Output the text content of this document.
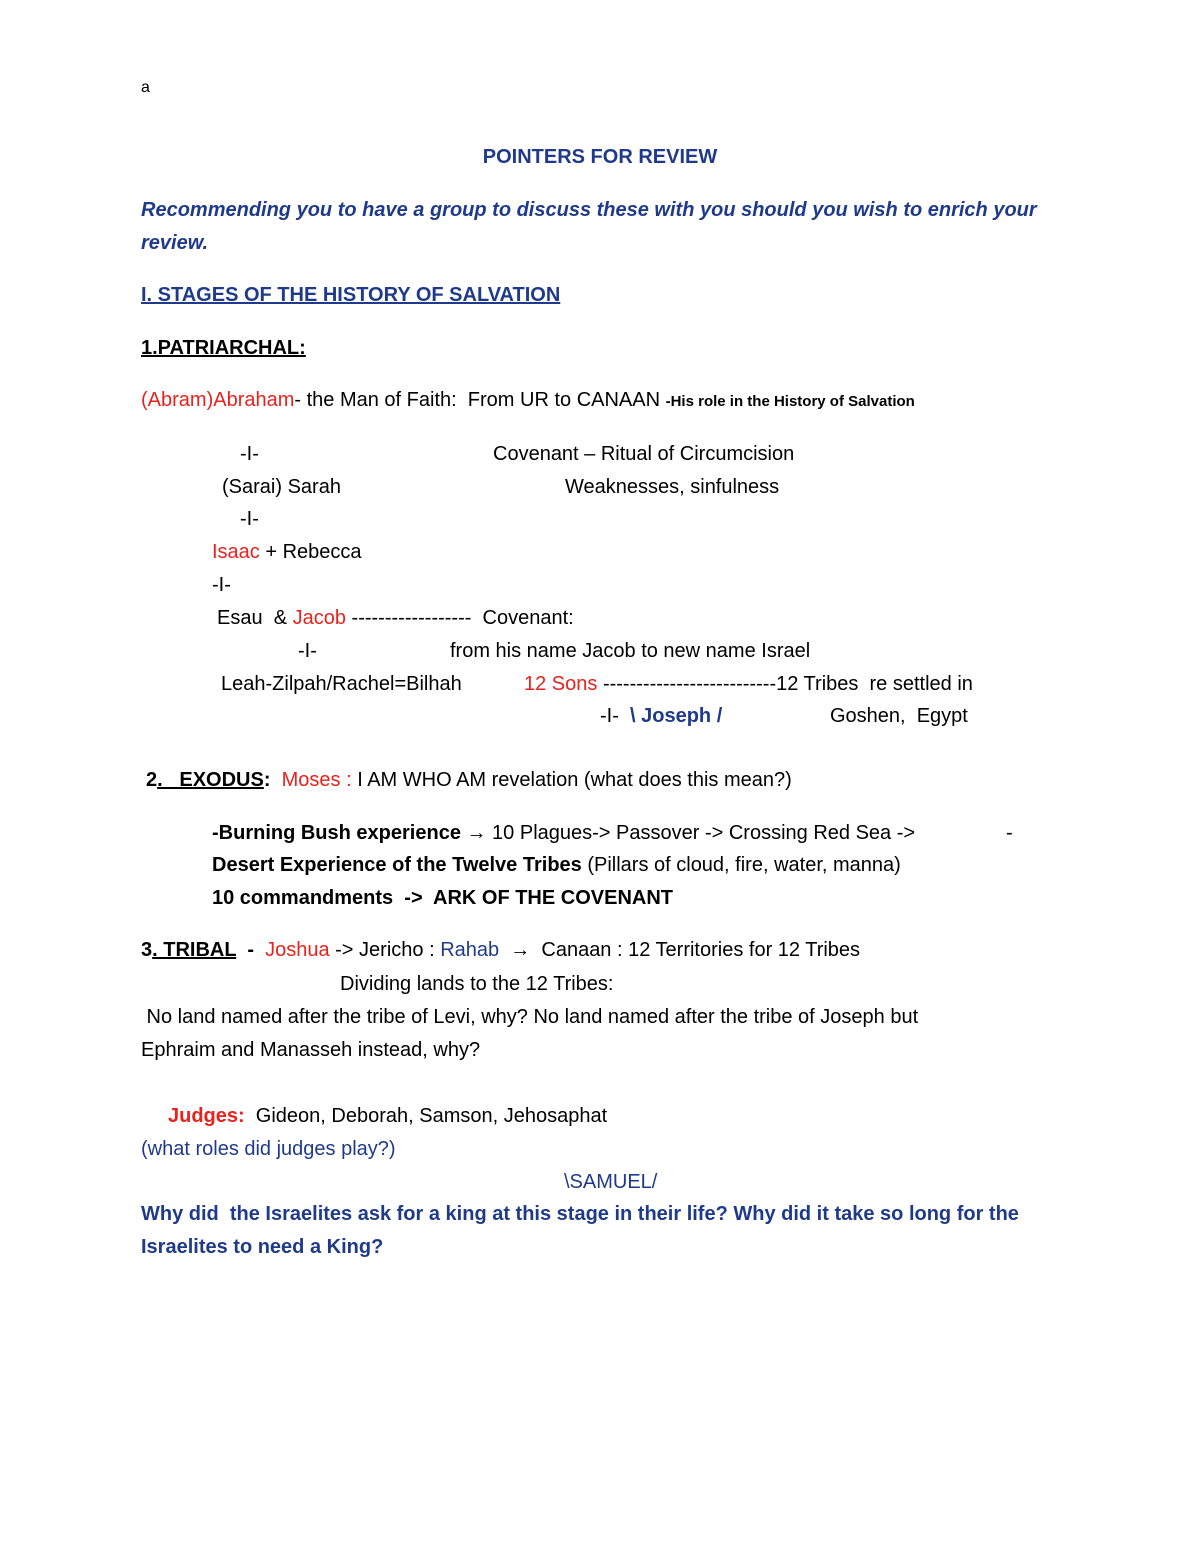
a
POINTERS FOR REVIEW
Recommending you to have a group to discuss these with you should you wish to enrich your
review.
I. STAGES OF THE HISTORY OF SALVATION
1.PATRIARCHAL:
(Abram)Abraham- the Man of Faith:  From UR to CANAAN -His role in the History of Salvation
-I-	Covenant – Ritual of Circumcision
(Sarai) Sarah	Weaknesses, sinfulness
-I-
Isaac + Rebecca
-I-
Esau  & Jacob ------------------  Covenant:
-I-	from his name Jacob to new name Israel
Leah-Zilpah/Rachel=Bilhah	12 Sons --------------------------12 Tribes  re settled in
-I-  \ Joseph /	Goshen,  Egypt
2.   EXODUS:  Moses : I AM WHO AM revelation (what does this mean?)
-Burning Bush experience → 10 Plagues-> Passover -> Crossing Red Sea ->	-
Desert Experience of the Twelve Tribes (Pillars of cloud, fire, water, manna)
10 commandments  ->  ARK OF THE COVENANT
3. TRIBAL  -  Joshua -> Jericho : Rahab  →  Canaan : 12 Territories for 12 Tribes
Dividing lands to the 12 Tribes:
No land named after the tribe of Levi, why? No land named after the tribe of Joseph but
Ephraim and Manasseh instead, why?
Judges:  Gideon, Deborah, Samson, Jehosaphat
(what roles did judges play?)
\SAMUEL/
Why did  the Israelites ask for a king at this stage in their life? Why did it take so long for the
Israelites to need a King?
